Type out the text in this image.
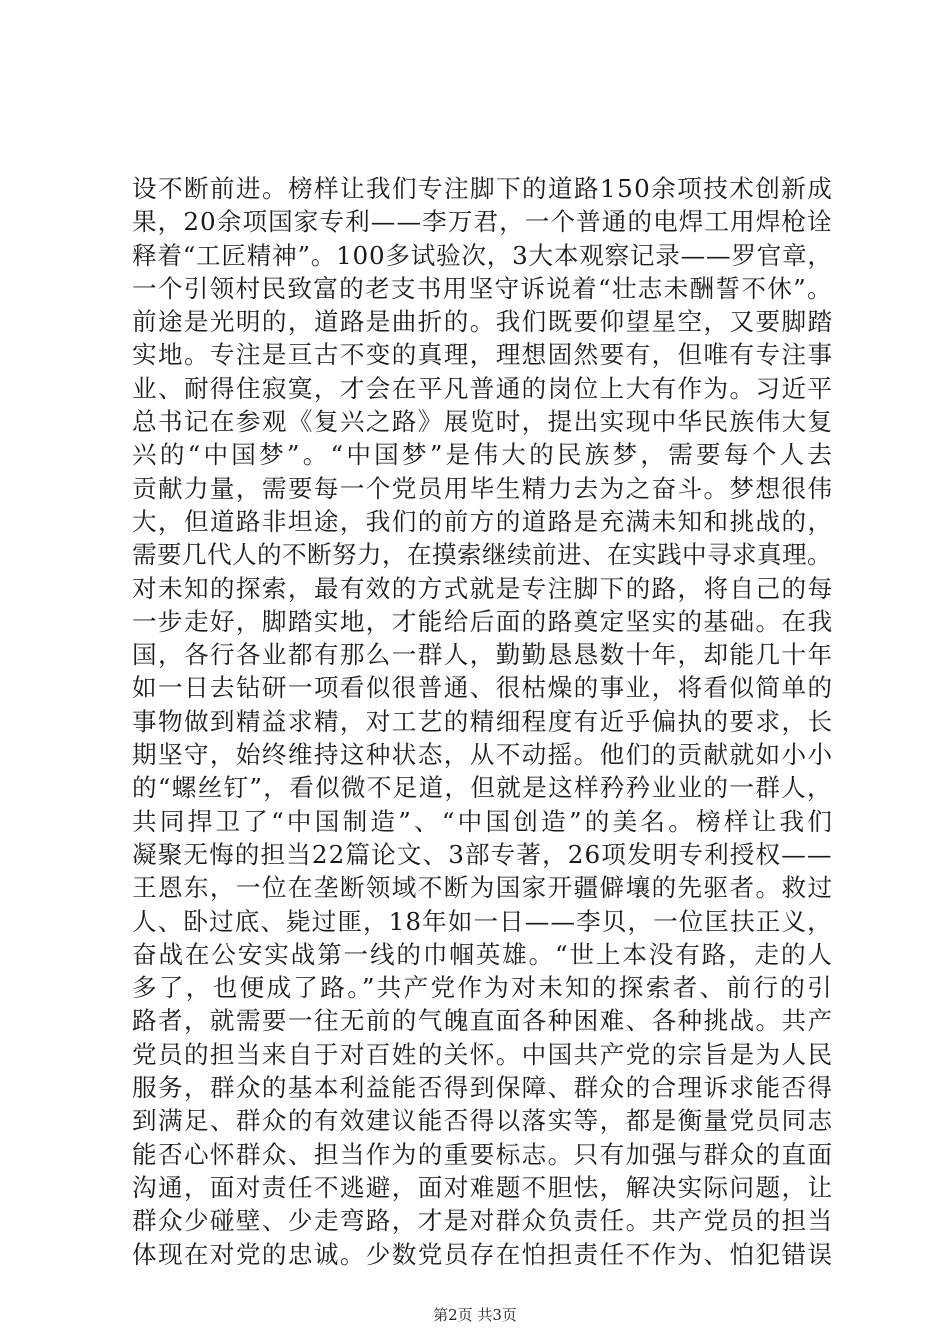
设不断前进。榜样让我们专注脚下的道路150余项技术创新成
果，20余项国家专利——李万君，一个普通的电焊工用焊枪诠
释着“工匠精神”。100多试验次，3大本观察记录——罗官章，
一个引领村民致富的老支书用坚守诉说着“壮志未酬誓不休”。
前途是光明的，道路是曲折的。我们既要仰望星空，又要脚踏
实地。专注是亘古不变的真理，理想固然要有，但唯有专注事
业、耐得住寂寞，才会在平凡普通的岗位上大有作为。习近平
总书记在参观《复兴之路》展览时，提出实现中华民族伟大复
兴的“中国梦”。“中国梦”是伟大的民族梦，需要每个人去
贡献力量，需要每一个党员用毕生精力去为之奋斗。梦想很伟
大，但道路非坦途，我们的前方的道路是充满未知和挑战的，
需要几代人的不断努力，在摸索继续前进、在实践中寻求真理。
对未知的探索，最有效的方式就是专注脚下的路，将自己的每
一步走好，脚踏实地，才能给后面的路奠定坚实的基础。在我
国，各行各业都有那么一群人，勤勤恳恳数十年，却能几十年
如一日去钻研一项看似很普通、很枯燥的事业，将看似简单的
事物做到精益求精，对工艺的精细程度有近乎偏执的要求，长
期坚守，始终维持这种状态，从不动摇。他们的贡献就如小小
的“螺丝钉”，看似微不足道，但就是这样矜矜业业的一群人，
共同捍卫了“中国制造”、“中国创造”的美名。榜样让我们
凝聚无悔的担当22篇论文、3部专著，26项发明专利授权——
王恩东，一位在垄断领域不断为国家开疆僻壤的先驱者。救过
人、卧过底、毙过匪，18年如一日——李贝，一位匡扶正义，
奋战在公安实战第一线的巾帼英雄。“世上本没有路，走的人
多了，也便成了路。”共产党作为对未知的探索者、前行的引
路者，就需要一往无前的气魄直面各种困难、各种挑战。共产
党员的担当来自于对百姓的关怀。中国共产党的宗旨是为人民
服务，群众的基本利益能否得到保障、群众的合理诉求能否得
到满足、群众的有效建议能否得以落实等，都是衡量党员同志
能否心怀群众、担当作为的重要标志。只有加强与群众的直面
沟通，面对责任不逃避，面对难题不胆怯，解决实际问题，让
群众少碰壁、少走弯路，才是对群众负责任。共产党员的担当
体现在对党的忠诚。少数党员存在怕担责任不作为、怕犯错误
第2页 共3页
